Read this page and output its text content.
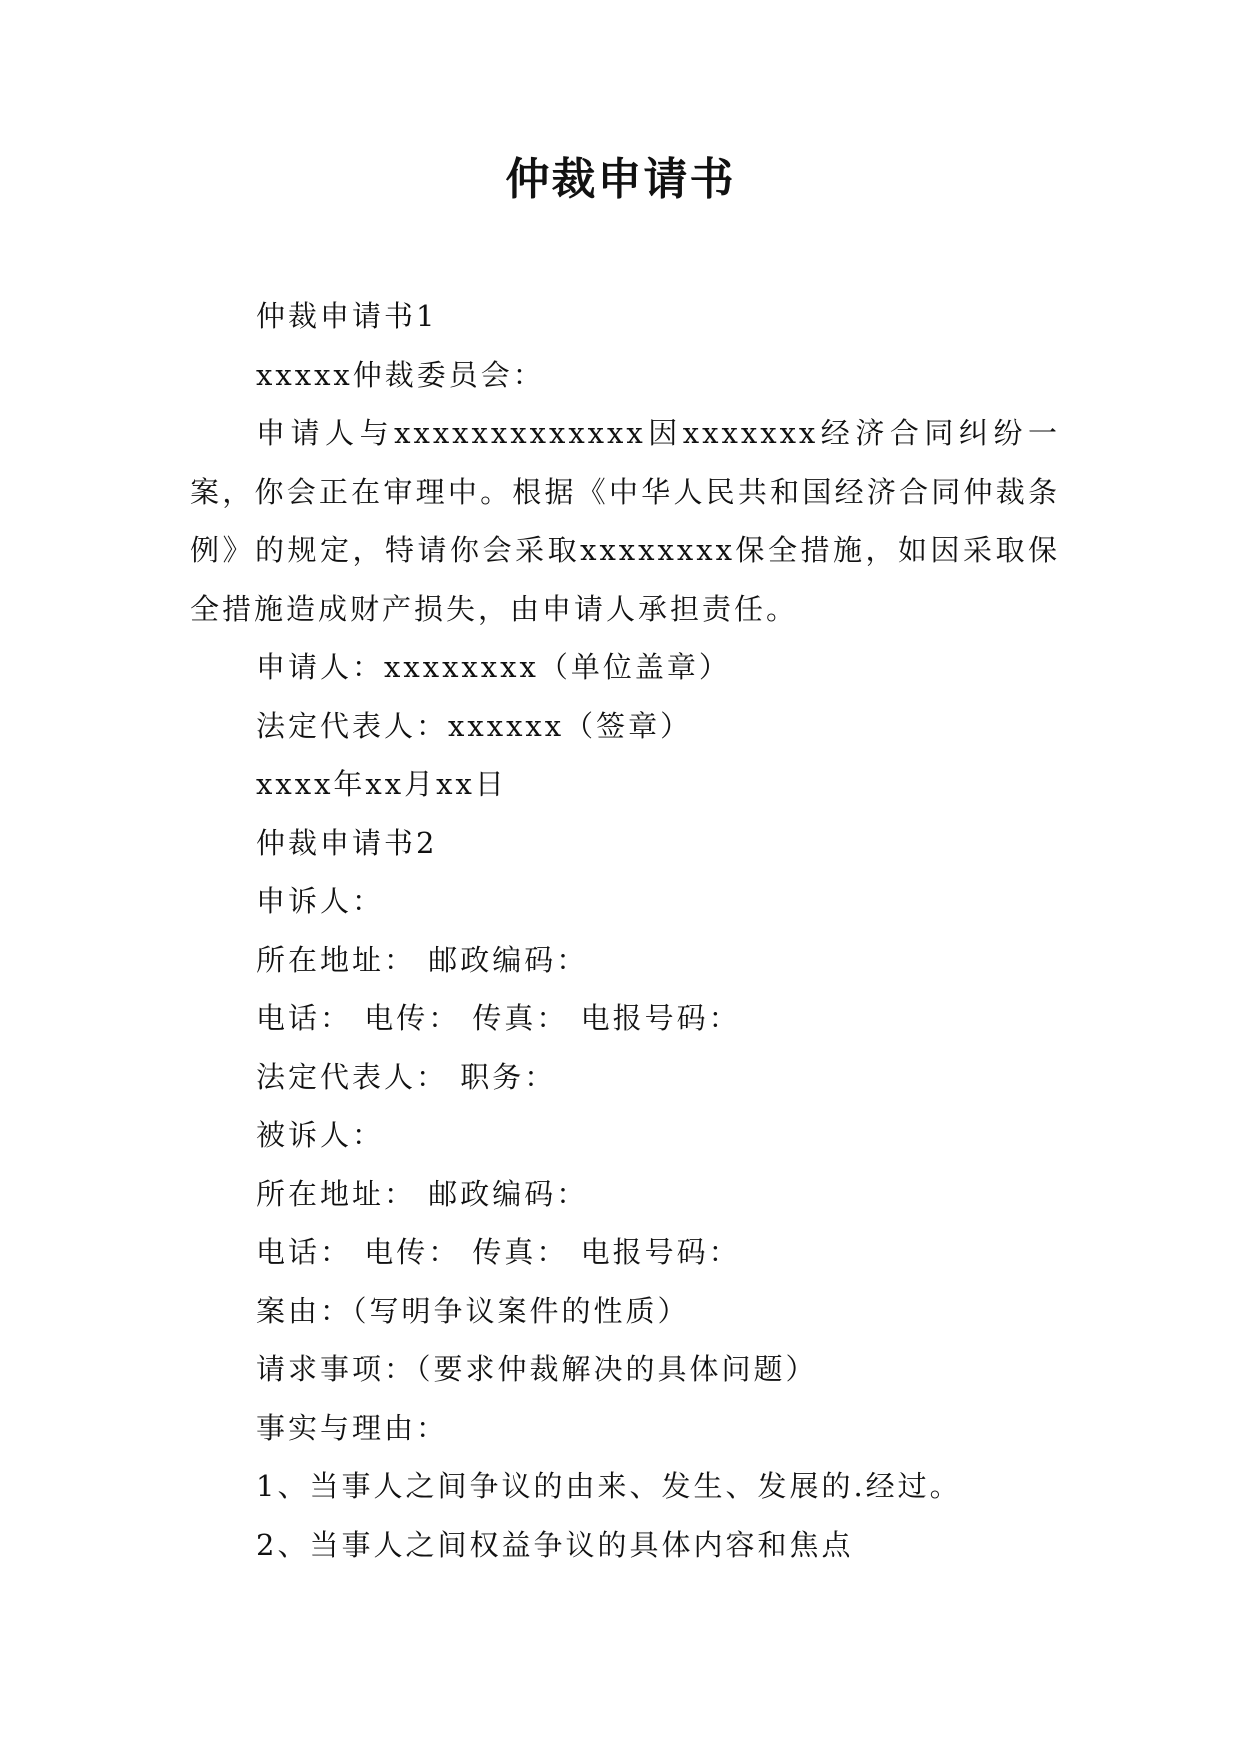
仲裁申请书

仲裁申请书1

xxxxx仲裁委员会：

申请人与xxxxxxxxxxxxx因xxxxxxx经济合同纠纷一案，你会正在审理中。根据《中华人民共和国经济合同仲裁条例》的规定，特请你会采取xxxxxxxx保全措施，如因采取保全措施造成财产损失，由申请人承担责任。

申请人：xxxxxxxx（单位盖章）

法定代表人：xxxxxx（签章）

xxxx年xx月xx日

仲裁申请书2

申诉人：

所在地址： 邮政编码：

电话： 电传： 传真： 电报号码：

法定代表人： 职务：

被诉人：

所在地址： 邮政编码：

电话： 电传： 传真： 电报号码：

案由：（写明争议案件的性质）

请求事项：（要求仲裁解决的具体问题）

事实与理由：

1、当事人之间争议的由来、发生、发展的.经过。

2、当事人之间权益争议的具体内容和焦点
